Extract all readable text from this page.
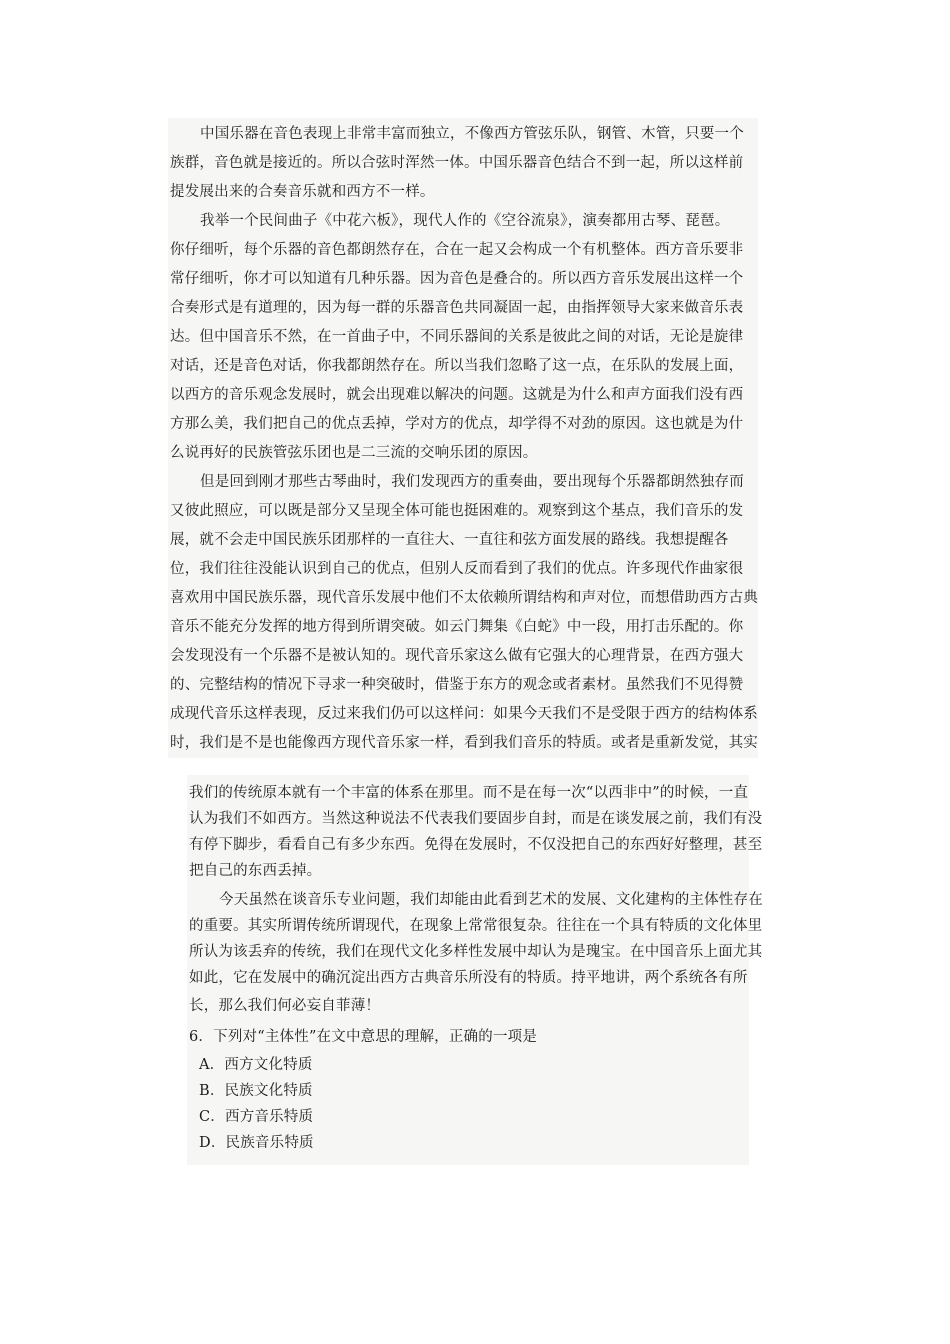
中国乐器在音色表现上非常丰富而独立，不像西方管弦乐队，钢管、木管，只要一个
族群，音色就是接近的。所以合弦时浑然一体。中国乐器音色结合不到一起，所以这样前
提发展出来的合奏音乐就和西方不一样。
我举一个民间曲子《中花六板》，现代人作的《空谷流泉》，演奏都用古琴、琵琶。
你仔细听，每个乐器的音色都朗然存在，合在一起又会构成一个有机整体。西方音乐要非
常仔细听，你才可以知道有几种乐器。因为音色是叠合的。所以西方音乐发展出这样一个
合奏形式是有道理的，因为每一群的乐器音色共同凝固一起，由指挥领导大家来做音乐表
达。但中国音乐不然，在一首曲子中，不同乐器间的关系是彼此之间的对话，无论是旋律
对话，还是音色对话，你我都朗然存在。所以当我们忽略了这一点，在乐队的发展上面，
以西方的音乐观念发展时，就会出现难以解决的问题。这就是为什么和声方面我们没有西
方那么美，我们把自己的优点丢掉，学对方的优点，却学得不对劲的原因。这也就是为什
么说再好的民族管弦乐团也是二三流的交响乐团的原因。
但是回到刚才那些古琴曲时，我们发现西方的重奏曲，要出现每个乐器都朗然独存而
又彼此照应，可以既是部分又呈现全体可能也挺困难的。观察到这个基点，我们音乐的发
展，就不会走中国民族乐团那样的一直往大、一直往和弦方面发展的路线。我想提醒各
位，我们往往没能认识到自己的优点，但别人反而看到了我们的优点。许多现代作曲家很
喜欢用中国民族乐器，现代音乐发展中他们不太依赖所谓结构和声对位，而想借助西方古典
音乐不能充分发挥的地方得到所谓突破。如云门舞集《白蛇》中一段，用打击乐配的。你
会发现没有一个乐器不是被认知的。现代音乐家这么做有它强大的心理背景，在西方强大
的、完整结构的情况下寻求一种突破时，借鉴于东方的观念或者素材。虽然我们不见得赞
成现代音乐这样表现，反过来我们仍可以这样问：如果今天我们不是受限于西方的结构体系
时，我们是不是也能像西方现代音乐家一样，看到我们音乐的特质。或者是重新发觉，其实
我们的传统原本就有一个丰富的体系在那里。而不是在每一次“以西非中”的时候，一直
认为我们不如西方。当然这种说法不代表我们要固步自封，而是在谈发展之前，我们有没
有停下脚步，看看自己有多少东西。免得在发展时，不仅没把自己的东西好好整理，甚至
把自己的东西丢掉。
今天虽然在谈音乐专业问题，我们却能由此看到艺术的发展、文化建构的主体性存在
的重要。其实所谓传统所谓现代，在现象上常常很复杂。往往在一个具有特质的文化体里
所认为该丢弃的传统，我们在现代文化多样性发展中却认为是瑰宝。在中国音乐上面尤其
如此，它在发展中的确沉淀出西方古典音乐所没有的特质。持平地讲，两个系统各有所
长，那么我们何必妄自菲薄！
6．下列对“主体性”在文中意思的理解，正确的一项是
A．西方文化特质
B．民族文化特质
C．西方音乐特质
D．民族音乐特质
